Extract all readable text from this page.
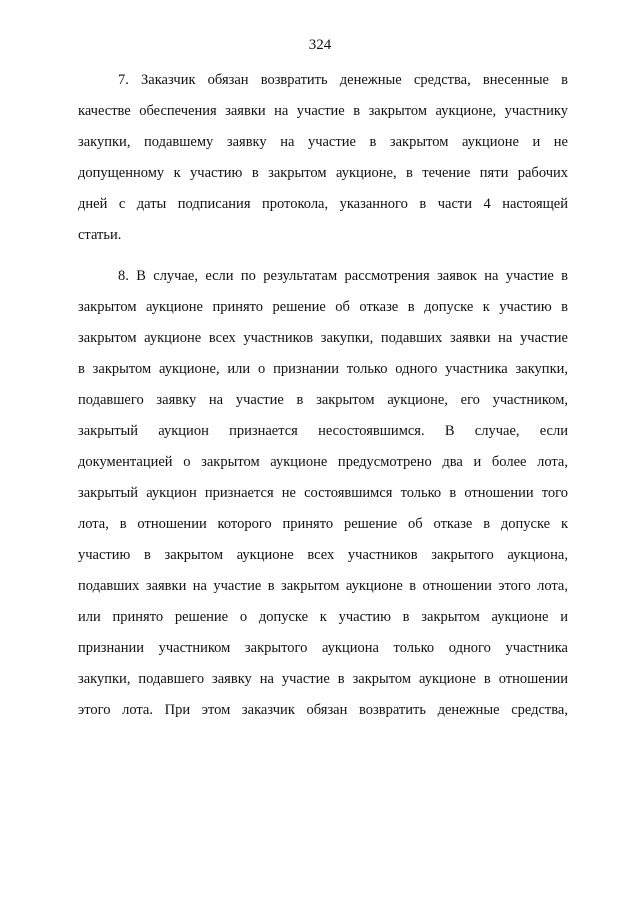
324
7. Заказчик обязан возвратить денежные средства, внесенные в
качестве обеспечения заявки на участие в закрытом аукционе, участнику
закупки, подавшему заявку на участие в закрытом аукционе и не
допущенному к участию в закрытом аукционе, в течение пяти рабочих
дней с даты подписания протокола, указанного в части 4 настоящей
статьи.
8. В случае, если по результатам рассмотрения заявок на участие в
закрытом аукционе принято решение об отказе в допуске к участию в
закрытом аукционе всех участников закупки, подавших заявки на участие
в закрытом аукционе, или о признании только одного участника закупки,
подавшего заявку на участие в закрытом аукционе, его участником,
закрытый аукцион признается несостоявшимся. В случае, если
документацией о закрытом аукционе предусмотрено два и более лота,
закрытый аукцион признается не состоявшимся только в отношении того
лота, в отношении которого принято решение об отказе в допуске к
участию в закрытом аукционе всех участников закрытого аукциона,
подавших заявки на участие в закрытом аукционе в отношении этого лота,
или принято решение о допуске к участию в закрытом аукционе и
признании участником закрытого аукциона только одного участника
закупки, подавшего заявку на участие в закрытом аукционе в отношении
этого лота. При этом заказчик обязан возвратить денежные средства,
